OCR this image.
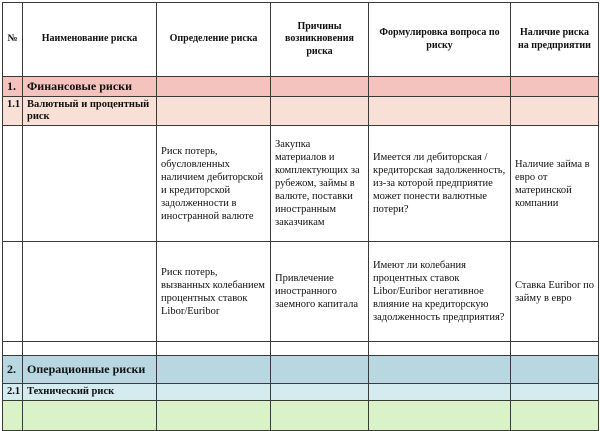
№	Наименование риска	Определение риска	Причины возникновения риска	Формулировка вопроса по риску	Наличие риска на предприятии
1.	Финансовые риски				
1.1	Валютный и процентный риск				
		Риск потерь, обусловленных наличием дебиторской и кредиторской задолженности в иностранной валюте	Закупка материалов и комплектующих за рубежом, займы в валюте, поставки иностранным заказчикам	Имеется ли дебиторская / кредиторская задолженность, из-за которой предприятие может понести валютные потери?	Наличие займа в евро от материнской компании
		Риск потерь, вызванных колебанием процентных ставок Libor/Euribor	Привлечение иностранного заемного капитала	Имеют ли колебания процентных ставок Libor/Euribor негативное влияние на кредиторскую задолженность предприятия?	Ставка Euribor по займу в евро

2.	Операционные риски				
2.1	Технический риск				
